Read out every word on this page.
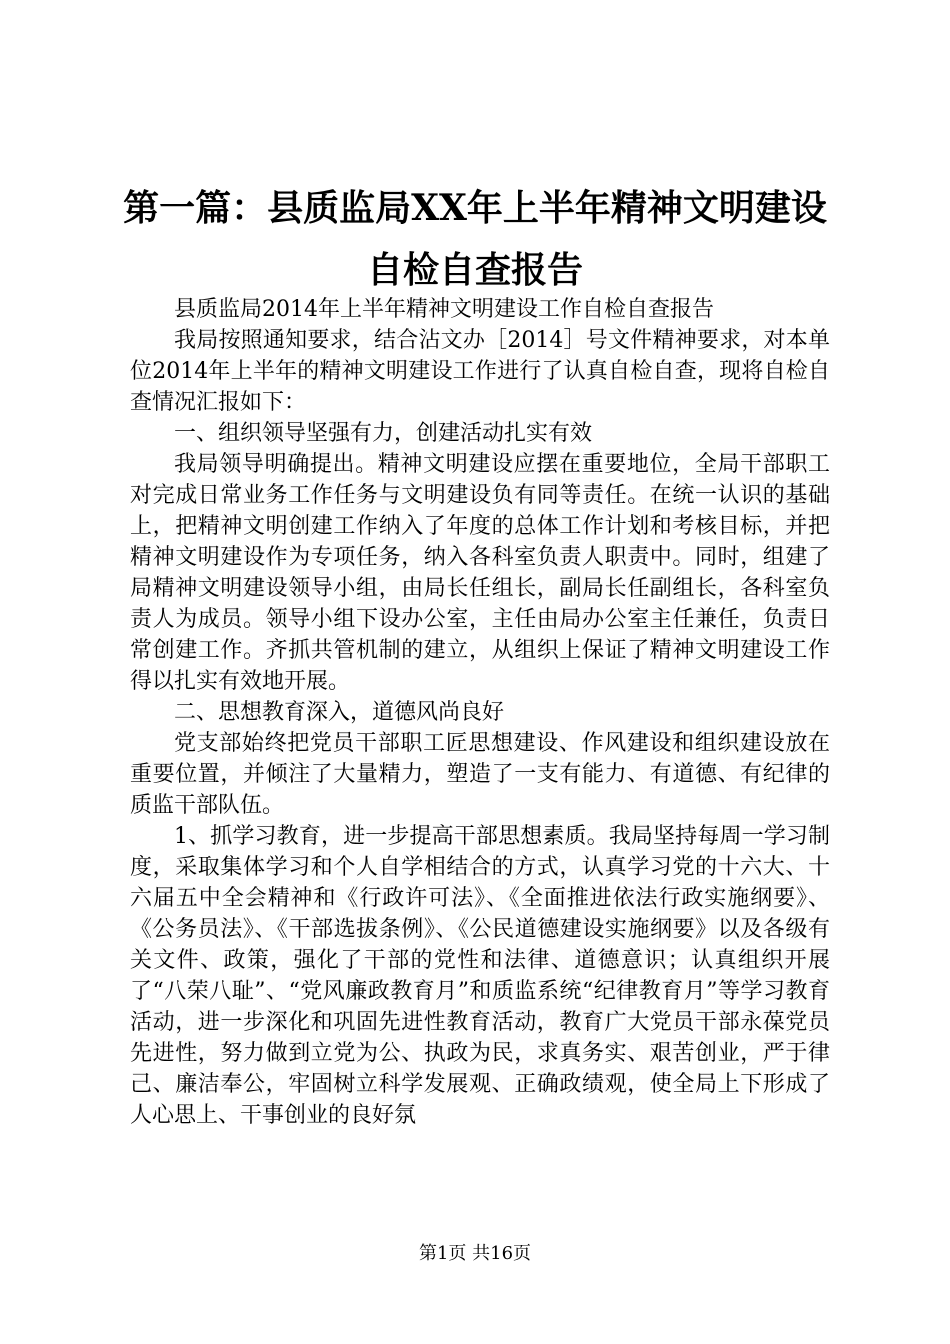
第一篇：县质监局XX年上半年精神文明建设
自检自查报告

县质监局2014年上半年精神文明建设工作自检自查报告

我局按照通知要求，结合沾文办［2014］号文件精神要求，对本单位2014年上半年的精神文明建设工作进行了认真自检自查，现将自检自查情况汇报如下：

一、组织领导坚强有力，创建活动扎实有效

我局领导明确提出。精神文明建设应摆在重要地位，全局干部职工对完成日常业务工作任务与文明建设负有同等责任。在统一认识的基础上，把精神文明创建工作纳入了年度的总体工作计划和考核目标，并把精神文明建设作为专项任务，纳入各科室负责人职责中。同时，组建了局精神文明建设领导小组，由局长任组长，副局长任副组长，各科室负责人为成员。领导小组下设办公室，主任由局办公室主任兼任，负责日常创建工作。齐抓共管机制的建立，从组织上保证了精神文明建设工作得以扎实有效地开展。

二、思想教育深入，道德风尚良好

党支部始终把党员干部职工匠思想建设、作风建设和组织建设放在重要位置，并倾注了大量精力，塑造了一支有能力、有道德、有纪律的质监干部队伍。

1、抓学习教育，进一步提高干部思想素质。我局坚持每周一学习制度，采取集体学习和个人自学相结合的方式，认真学习党的十六大、十六届五中全会精神和《行政许可法》、《全面推进依法行政实施纲要》、《公务员法》、《干部选拔条例》、《公民道德建设实施纲要》以及各级有关文件、政策，强化了干部的党性和法律、道德意识；认真组织开展了“八荣八耻”、“党风廉政教育月”和质监系统“纪律教育月”等学习教育活动，进一步深化和巩固先进性教育活动，教育广大党员干部永葆党员先进性，努力做到立党为公、执政为民，求真务实、艰苦创业，严于律己、廉洁奉公，牢固树立科学发展观、正确政绩观，使全局上下形成了人心思上、干事创业的良好氛

第1页 共16页
